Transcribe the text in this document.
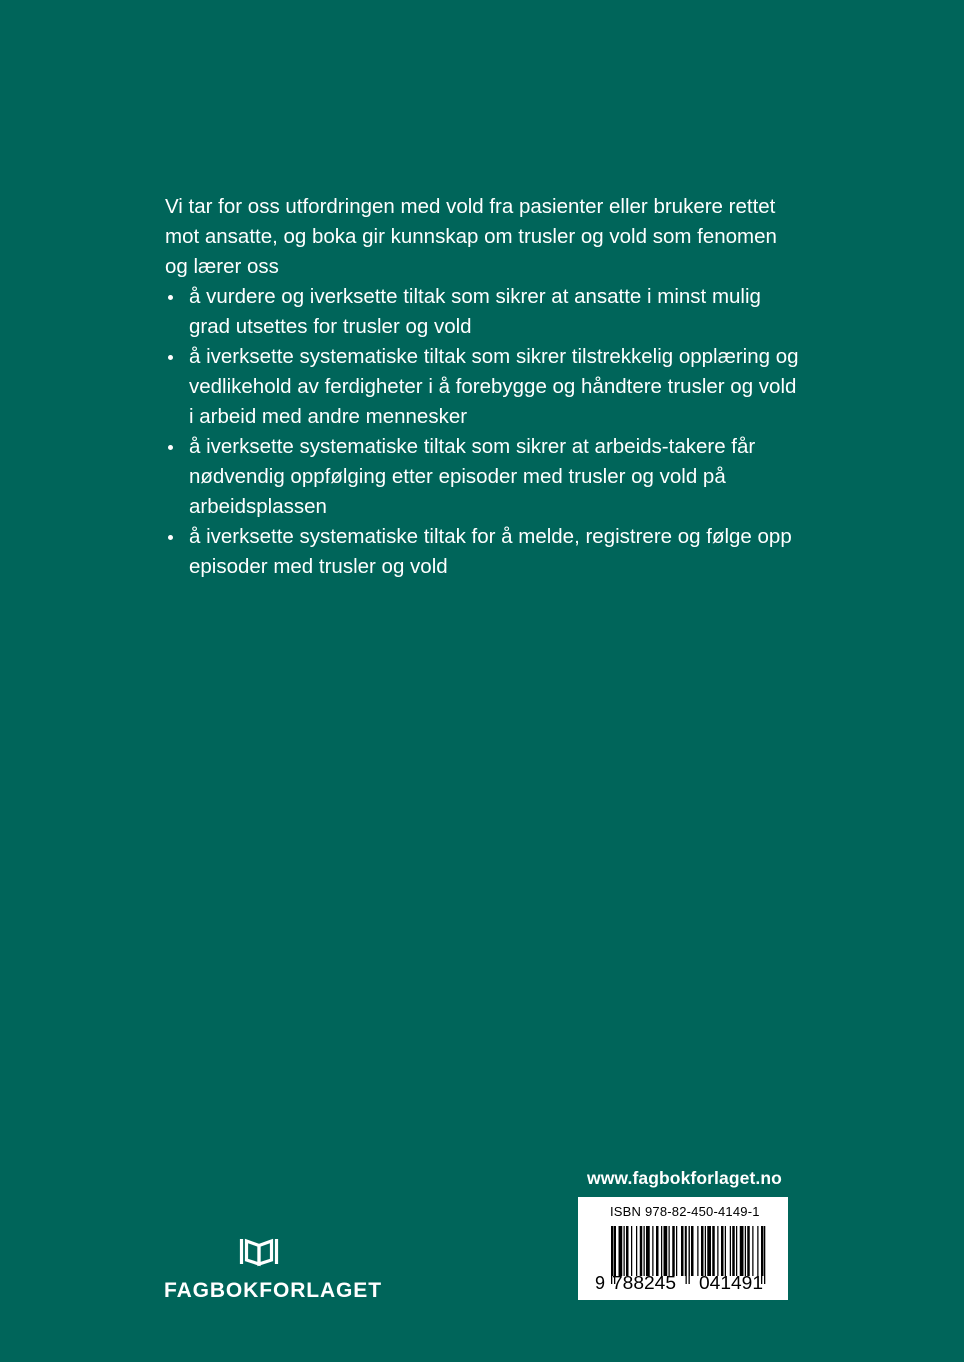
Vi tar for oss utfordringen med vold fra pasienter eller brukere rettet mot ansatte, og boka gir kunnskap om trusler og vold som fenomen og lærer oss

å vurdere og iverksette tiltak som sikrer at ansatte i minst mulig grad utsettes for trusler og vold
å iverksette systematiske tiltak som sikrer tilstrekkelig opplæring og vedlikehold av ferdigheter i å forebygge og håndtere trusler og vold i arbeid med andre mennesker
å iverksette systematiske tiltak som sikrer at arbeids-takere får nødvendig oppfølging etter episoder med trusler og vold på arbeidsplassen
å iverksette systematiske tiltak for å melde, registrere og følge opp episoder med trusler og vold
www.fagbokforlaget.no
9 788245 041491
ISBN 978-82-450-4149-1
FAGBOKFORLAGET
